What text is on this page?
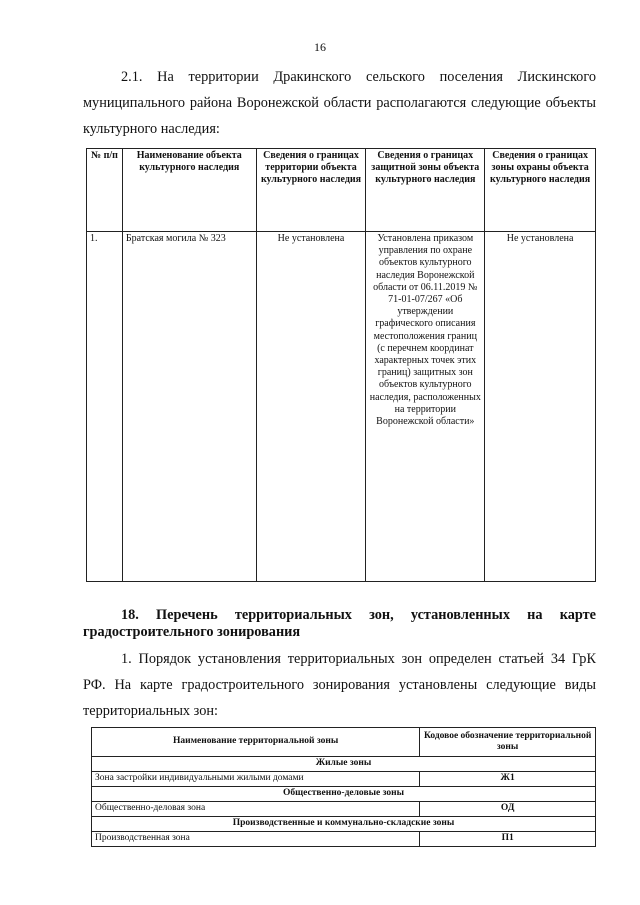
16

2.1. На территории Дракинского сельского поселения Лискинского муниципального района Воронежской области располагаются следующие объекты культурного наследия:

№ п/п	Наименование объекта культурного наследия	Сведения о границах территории объекта культурного наследия	Сведения о границах защитной зоны объекта культурного наследия	Сведения о границах зоны охраны объекта культурного наследия
1.	Братская могила № 323	Не установлена	Установлена приказом управления по охране объектов культурного наследия Воронежской области от 06.11.2019 № 71-01-07/267 «Об утверждении графического описания местоположения границ (с перечнем координат характерных точек этих границ) защитных зон объектов культурного наследия, расположенных на территории Воронежской области»	Не установлена

18. Перечень территориальных зон, установленных на карте градостроительного зонирования

1. Порядок установления территориальных зон определен статьей 34 ГрК РФ. На карте градостроительного зонирования установлены следующие виды территориальных зон:

Наименование территориальной зоны	Кодовое обозначение территориальной зоны
Жилые зоны	
Зона застройки индивидуальными жилыми домами	Ж1
Общественно-деловые зоны	
Общественно-деловая зона	ОД
Производственные и коммунально-складские зоны	
Производственная зона	П1
